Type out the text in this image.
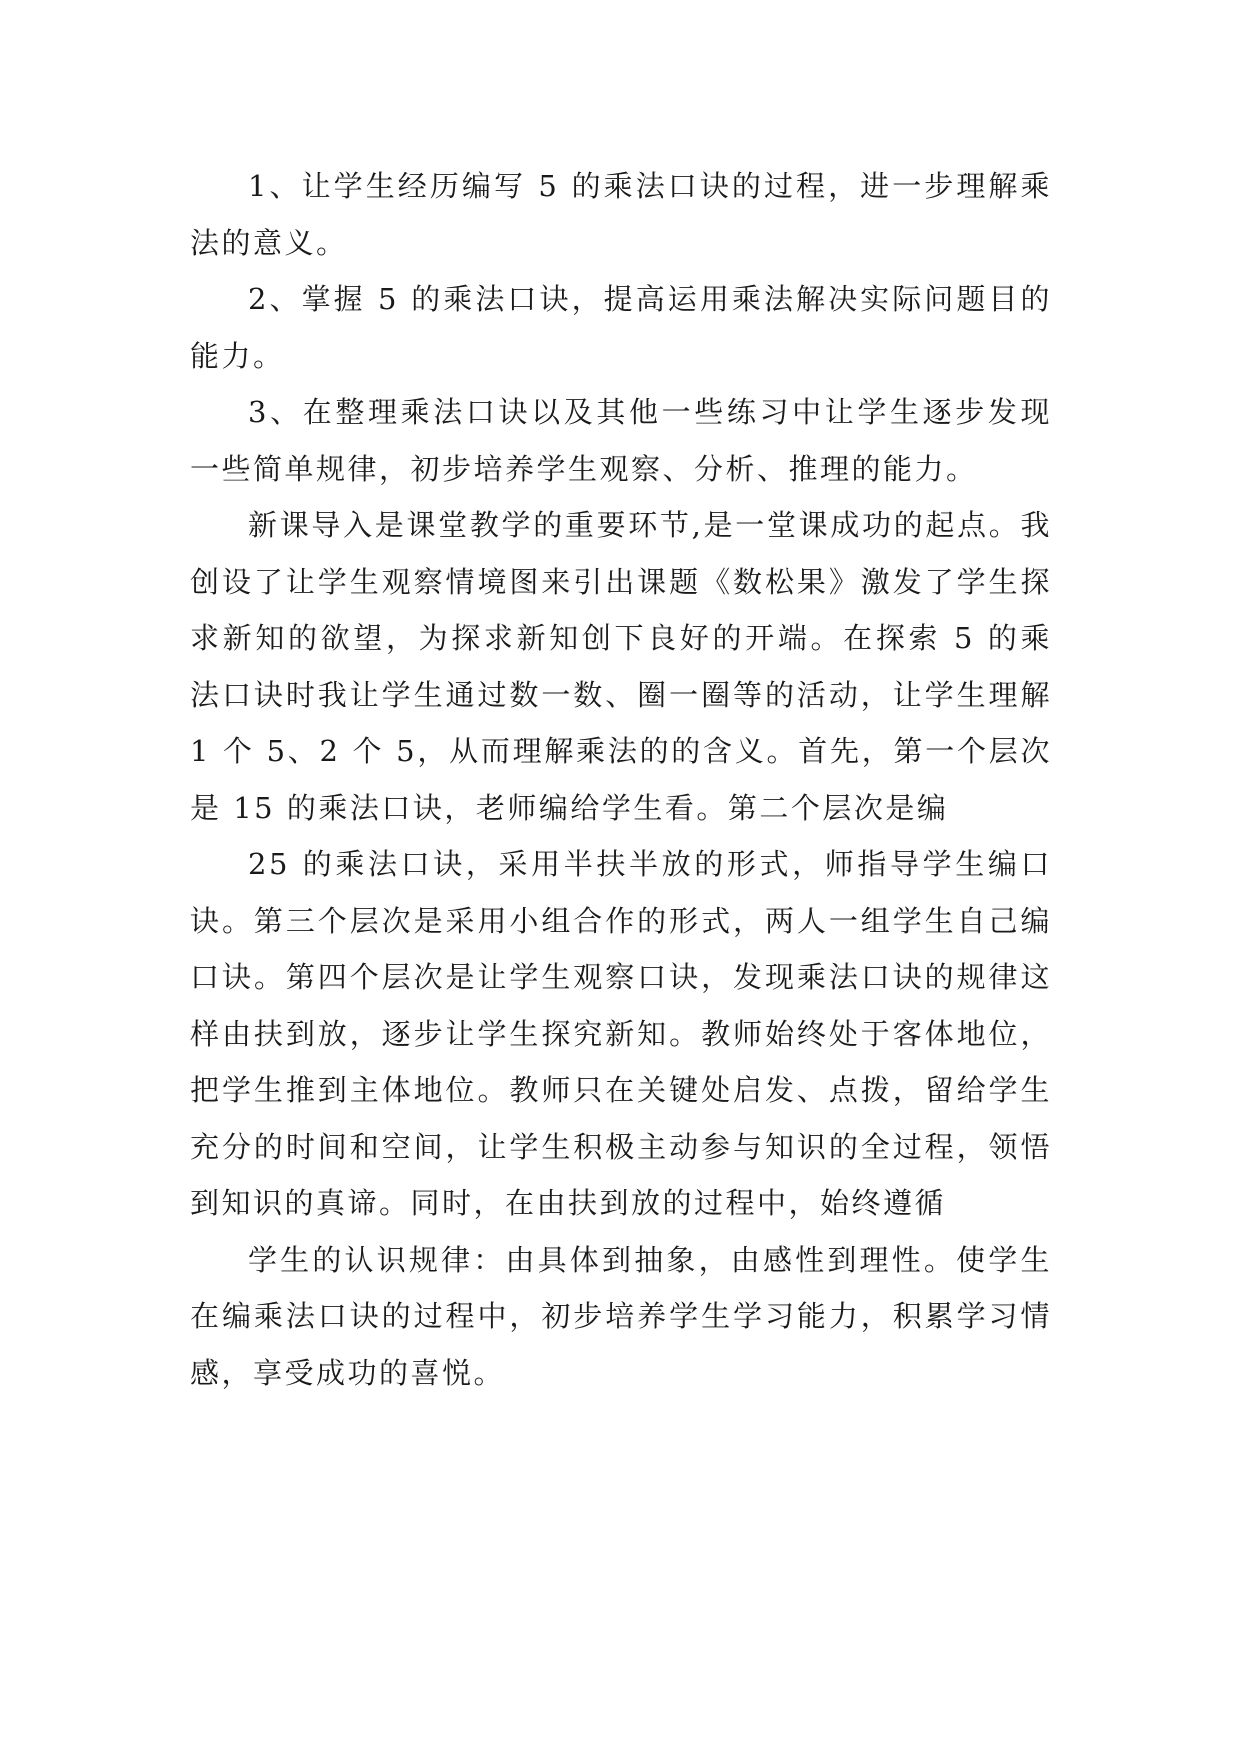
1、让学生经历编写 5 的乘法口诀的过程，进一步理解乘法的意义。

2、掌握 5 的乘法口诀，提高运用乘法解决实际问题目的能力。

3、在整理乘法口诀以及其他一些练习中让学生逐步发现一些简单规律，初步培养学生观察、分析、推理的能力。

新课导入是课堂教学的重要环节,是一堂课成功的起点。我创设了让学生观察情境图来引出课题《数松果》激发了学生探求新知的欲望，为探求新知创下良好的开端。在探索 5 的乘法口诀时我让学生通过数一数、圈一圈等的活动，让学生理解 1 个 5、2 个 5，从而理解乘法的的含义。首先，第一个层次是 15 的乘法口诀，老师编给学生看。第二个层次是编

25 的乘法口诀，采用半扶半放的形式，师指导学生编口诀。第三个层次是采用小组合作的形式，两人一组学生自己编口诀。第四个层次是让学生观察口诀，发现乘法口诀的规律这样由扶到放，逐步让学生探究新知。教师始终处于客体地位，把学生推到主体地位。教师只在关键处启发、点拨，留给学生充分的时间和空间，让学生积极主动参与知识的全过程，领悟到知识的真谛。同时，在由扶到放的过程中，始终遵循

学生的认识规律：由具体到抽象，由感性到理性。使学生在编乘法口诀的过程中，初步培养学生学习能力，积累学习情感，享受成功的喜悦。
